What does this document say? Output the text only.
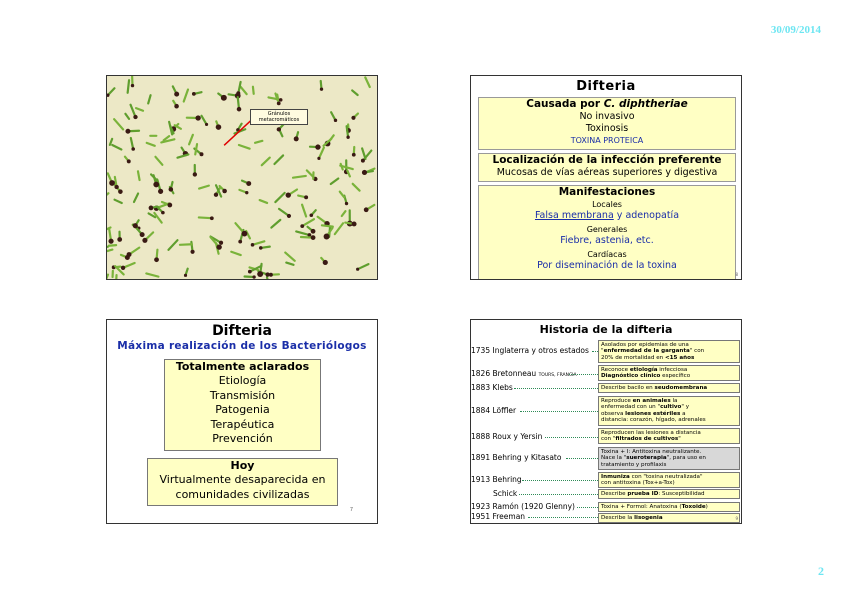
30/09/2014
Gránulos metacromáticos
Difteria
Causada por C. diphtheriae
No invasivo
Toxinosis
TOXINA PROTEICA
Localización de la infección preferente
Mucosas de vías aéreas superiores y digestiva
Manifestaciones
Locales
Falsa membrana y adenopatía
Generales
Fiebre, astenia, etc.
Cardíacas
Por diseminación de la toxina
8
Difteria
Máxima realización de los Bacteriólogos
Totalmente aclarados
Etiología
Transmisión
Patogenia
Terapéutica
Prevención
Hoy
Virtualmente desaparecida en
comunidades civilizadas
7
Historia de la difteria
1735 Inglaterra y otros estados
1826 Bretonneau TOURS, FRANCIA
1883 Klebs
1884 Löffler
1888 Roux y Yersin
1891 Behring y Kitasato
1913 Behring
Schick
1923 Ramón (1920 Glenny)
1951 Freeman
Asolados por epidemias de una
"enfermedad de la garganta" con
20% de mortalidad en <15 años
Reconoce etiología infecciosa
Diagnóstico clínico específico
Describe bacilo en seudomembrana
Reproduce en animales la
enfermedad con un "cultivo" y
observa lesiones estériles a
distancia: corazón, hígado, adrenales
Reproducen las lesiones a distancia
con "filtrados de cultivos"
Toxina + I: Antitoxina neutralizante.
Nace la "sueroterapia", para uso en
tratamiento y profilaxis
Inmuniza con "toxina neutralizada"
con antitoxina (Tox+a-Tox)
Describe prueba ID: Susceptibilidad
Toxina + Formol: Anatoxina (Toxoide)
Describe la lisogenia	9
2
